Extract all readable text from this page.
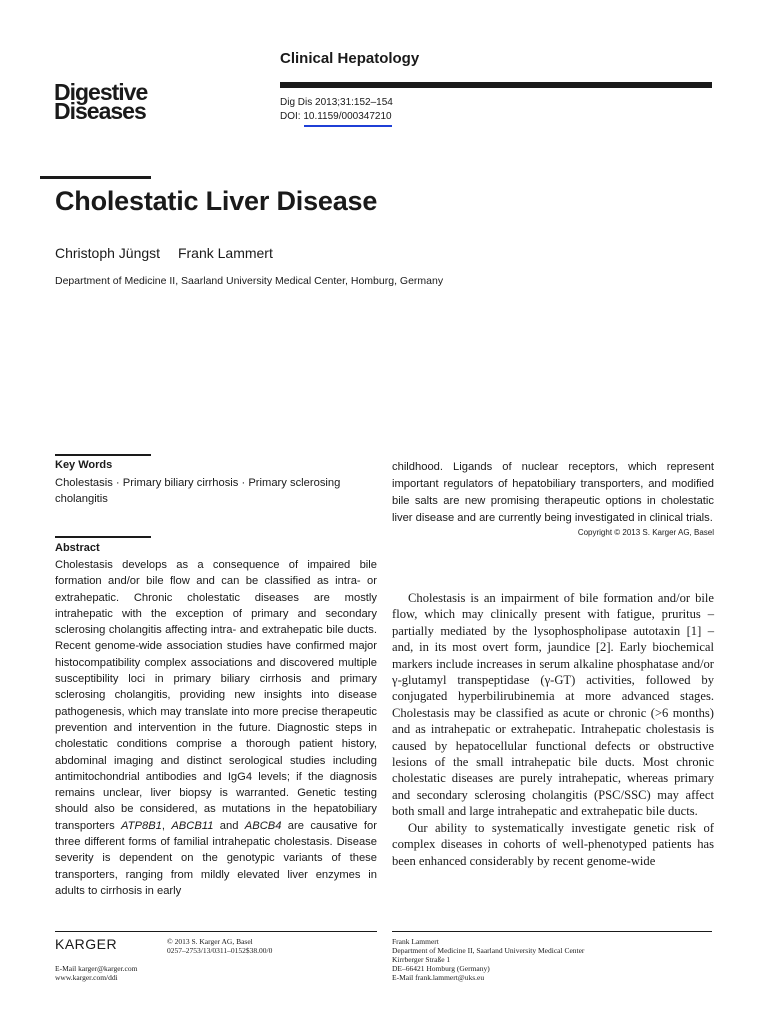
Digestive
Diseases
Clinical Hepatology
Dig Dis 2013;31:152–154
DOI: 10.1159/000347210
Cholestatic Liver Disease
Christoph Jüngst Frank Lammert
Department of Medicine II, Saarland University Medical Center, Homburg, Germany
Key Words
Cholestasis · Primary biliary cirrhosis · Primary sclerosing cholangitis
Abstract
Cholestasis develops as a consequence of impaired bile formation and/or bile flow and can be classified as intra- or extrahepatic. Chronic cholestatic diseases are mostly intrahepatic with the exception of primary and secondary sclerosing cholangitis affecting intra- and extrahepatic bile ducts. Recent genome-wide association studies have confirmed major histocompatibility complex associations and discovered multiple susceptibility loci in primary biliary cirrhosis and primary sclerosing cholangitis, providing new insights into disease pathogenesis, which may translate into more precise therapeutic prevention and intervention in the future. Diagnostic steps in cholestatic conditions comprise a thorough patient history, abdominal imaging and distinct serological studies including antimitochondrial antibodies and IgG4 levels; if the diagnosis remains unclear, liver biopsy is warranted. Genetic testing should also be considered, as mutations in the hepatobiliary transporters ATP8B1, ABCB11 and ABCB4 are causative for three different forms of familial intrahepatic cholestasis. Disease severity is dependent on the genotypic variants of these transporters, ranging from mildly elevated liver enzymes in adults to cirrhosis in early
childhood. Ligands of nuclear receptors, which represent important regulators of hepatobiliary transporters, and modified bile salts are new promising therapeutic options in cholestatic liver disease and are currently being investigated in clinical trials.
Copyright © 2013 S. Karger AG, Basel

Cholestasis is an impairment of bile formation and/or bile flow, which may clinically present with fatigue, pruritus – partially mediated by the lysophospholipase autotaxin [1] – and, in its most overt form, jaundice [2]. Early biochemical markers include increases in serum alkaline phosphatase and/or γ-glutamyl transpeptidase (γ-GT) activities, followed by conjugated hyperbilirubinemia at more advanced stages. Cholestasis may be classified as acute or chronic (>6 months) and as intrahepatic or extrahepatic. Intrahepatic cholestasis is caused by hepatocellular functional defects or obstructive lesions of the small intrahepatic bile ducts. Most chronic cholestatic diseases are purely intrahepatic, whereas primary and secondary sclerosing cholangitis (PSC/SSC) may affect both small and large intrahepatic and extrahepatic bile ducts.

Our ability to systematically investigate genetic risk of complex diseases in cohorts of well-phenotyped patients has been enhanced considerably by recent genome-wide

KARGER	© 2013 S. Karger AG, Basel
0257–2753/13/0311–0152$38.00/0
E-Mail karger@karger.com
www.karger.com/ddi
Frank Lammert
Department of Medicine II, Saarland University Medical Center
Kirrberger Straße 1
DE–66421 Homburg (Germany)
E-Mail frank.lammert@uks.eu
